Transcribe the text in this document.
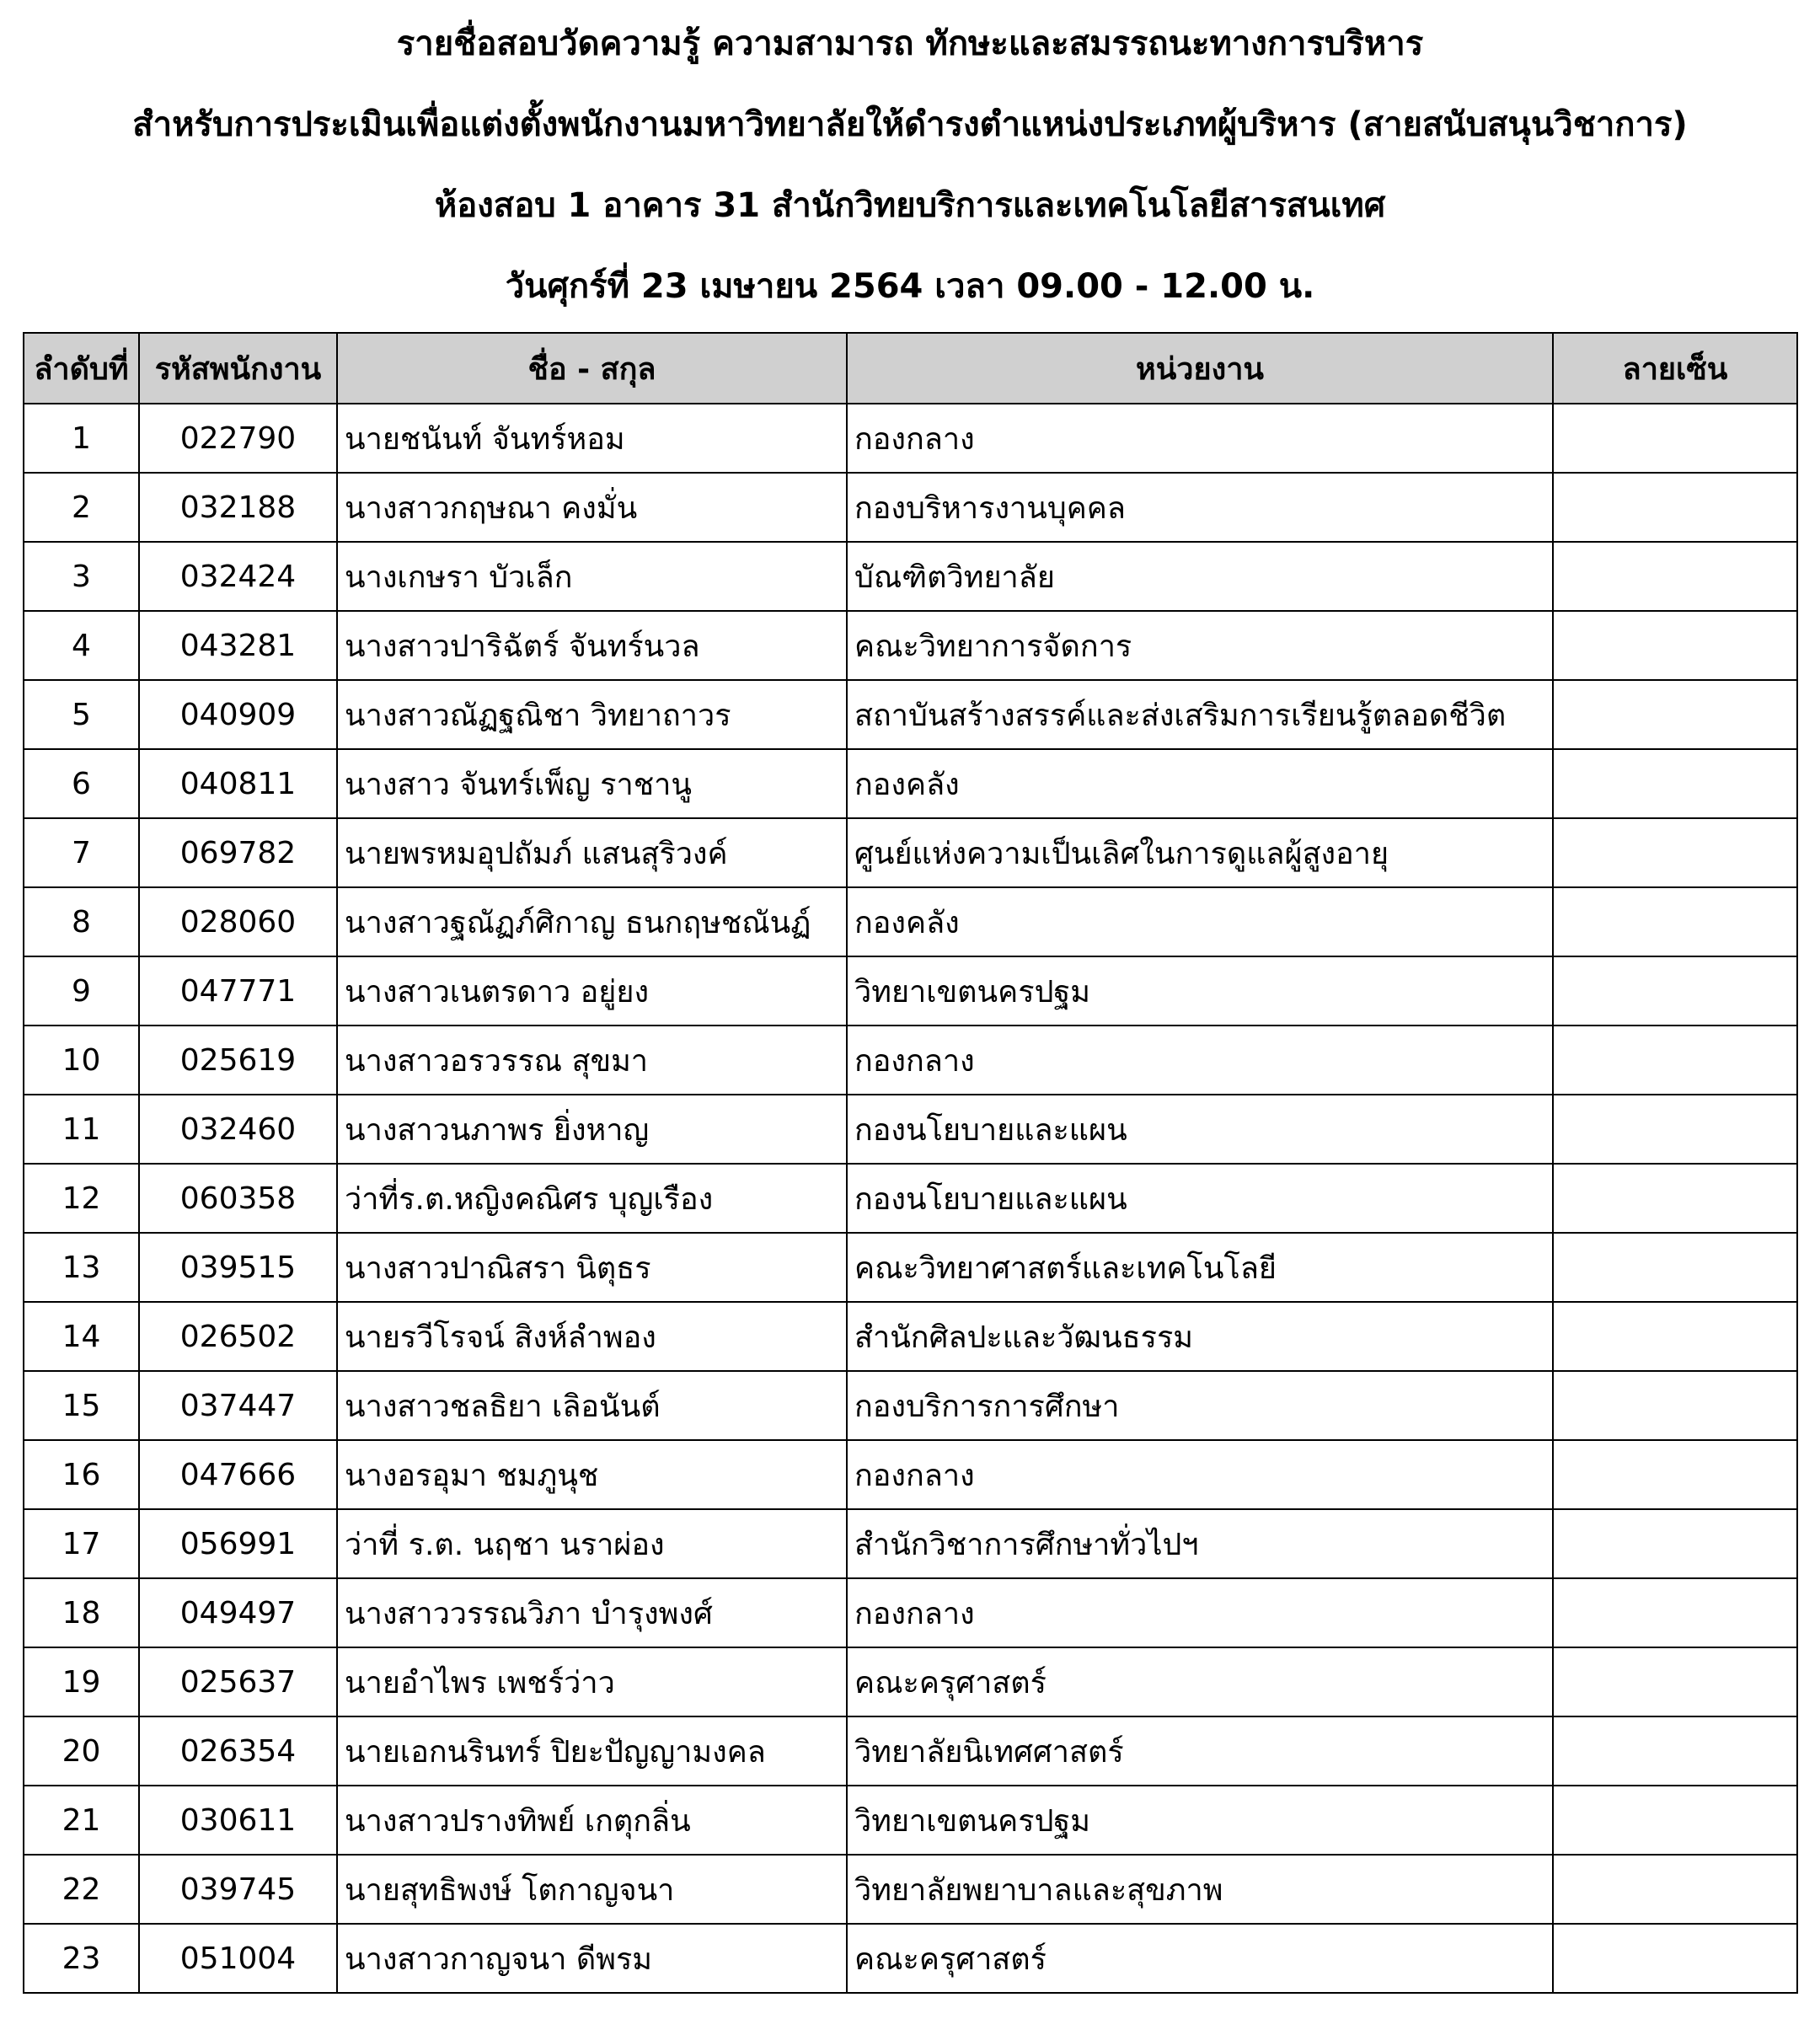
รายชื่อสอบวัดความรู้ ความสามารถ ทักษะและสมรรถนะทางการบริหาร
สำหรับการประเมินเพื่อแต่งตั้งพนักงานมหาวิทยาลัยให้ดำรงตำแหน่งประเภทผู้บริหาร (สายสนับสนุนวิชาการ)
ห้องสอบ 1 อาคาร 31 สำนักวิทยบริการและเทคโนโลยีสารสนเทศ
วันศุกร์ที่ 23 เมษายน 2564 เวลา 09.00 - 12.00 น.
ลำดับที่	รหัสพนักงาน	ชื่อ - สกุล	หน่วยงาน	ลายเซ็น
1	022790	นายชนันท์ จันทร์หอม	กองกลาง	
2	032188	นางสาวกฤษณา คงมั่น	กองบริหารงานบุคคล	
3	032424	นางเกษรา บัวเล็ก	บัณฑิตวิทยาลัย	
4	043281	นางสาวปาริฉัตร์ จันทร์นวล	คณะวิทยาการจัดการ	
5	040909	นางสาวณัฏฐณิชา วิทยาถาวร	สถาบันสร้างสรรค์และส่งเสริมการเรียนรู้ตลอดชีวิต	
6	040811	นางสาว จันทร์เพ็ญ ราชานู	กองคลัง	
7	069782	นายพรหมอุปถัมภ์ แสนสุริวงค์	ศูนย์แห่งความเป็นเลิศในการดูแลผู้สูงอายุ	
8	028060	นางสาวฐณัฏภ์ศิกาญ ธนกฤษชณันฏ์	กองคลัง	
9	047771	นางสาวเนตรดาว อยู่ยง	วิทยาเขตนครปฐม	
10	025619	นางสาวอรวรรณ สุขมา	กองกลาง	
11	032460	นางสาวนภาพร ยิ่งหาญ	กองนโยบายและแผน	
12	060358	ว่าที่ร.ต.หญิงคณิศร บุญเรือง	กองนโยบายและแผน	
13	039515	นางสาวปาณิสรา นิตุธร	คณะวิทยาศาสตร์และเทคโนโลยี	
14	026502	นายรวีโรจน์ สิงห์ลำพอง	สำนักศิลปะและวัฒนธรรม	
15	037447	นางสาวชลธิยา เลิอนันต์	กองบริการการศึกษา	
16	047666	นางอรอุมา ชมภูนุช	กองกลาง	
17	056991	ว่าที่ ร.ต. นฤชา นราผ่อง	สำนักวิชาการศึกษาทั่วไปฯ	
18	049497	นางสาววรรณวิภา บำรุงพงศ์	กองกลาง	
19	025637	นายอำไพร เพชร์ว่าว	คณะครุศาสตร์	
20	026354	นายเอกนรินทร์ ปิยะปัญญามงคล	วิทยาลัยนิเทศศาสตร์	
21	030611	นางสาวปรางทิพย์ เกตุกลิ่น	วิทยาเขตนครปฐม	
22	039745	นายสุทธิพงษ์ โตกาญจนา	วิทยาลัยพยาบาลและสุขภาพ	
23	051004	นางสาวกาญจนา ดีพรม	คณะครุศาสตร์	
